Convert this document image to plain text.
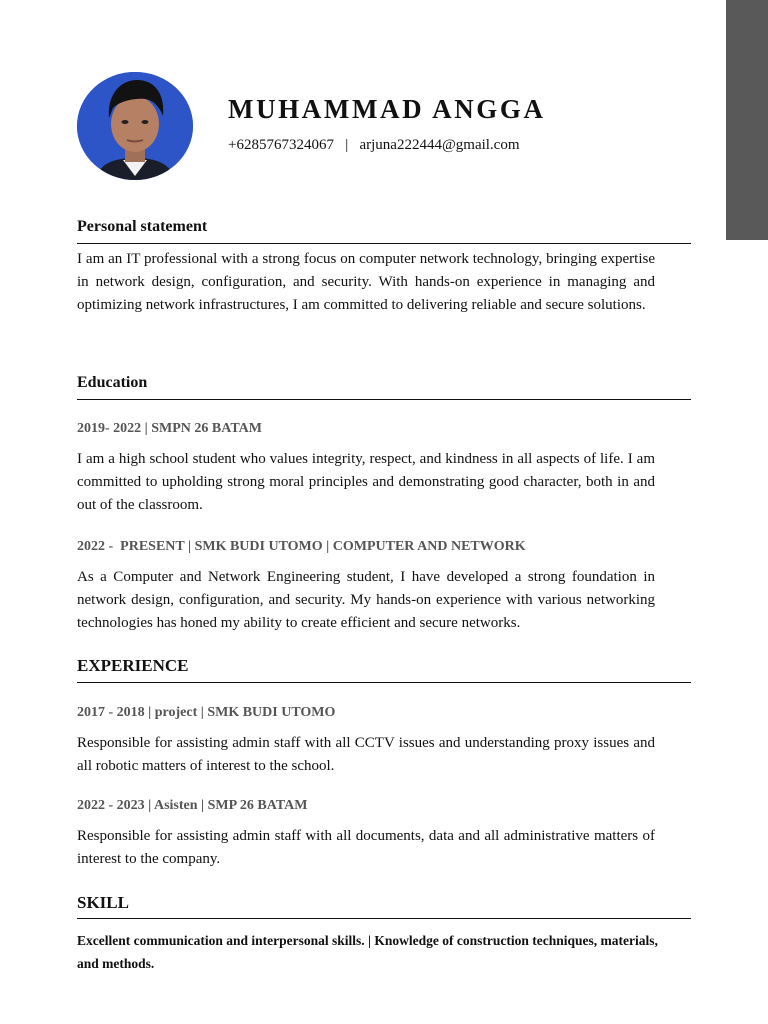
MUHAMMAD ANGGA
+6285767324067 | arjuna222444@gmail.com
Personal statement

I am an IT professional with a strong focus on computer network technology, bringing expertise in network design, configuration, and security. With hands-on experience in managing and optimizing network infrastructures, I am committed to delivering reliable and secure solutions.

Education
2019- 2022 | SMPN 26 BATAM

I am a high school student who values integrity, respect, and kindness in all aspects of life. I am committed to upholding strong moral principles and demonstrating good character, both in and out of the classroom.

2022 -  PRESENT | SMK BUDI UTOMO | COMPUTER AND NETWORK

As a Computer and Network Engineering student, I have developed a strong foundation in network design, configuration, and security. My hands-on experience with various networking technologies has honed my ability to create efficient and secure networks.

EXPERIENCE
2017 - 2018 | project | SMK BUDI UTOMO

Responsible for assisting admin staff with all CCTV issues and understanding proxy issues and all robotic matters of interest to the school.

2022 - 2023 | Asisten | SMP 26 BATAM

Responsible for assisting admin staff with all documents, data and all administrative matters of interest to the company.

SKILL

Excellent communication and interpersonal skills. | Knowledge of construction techniques, materials, and methods.
